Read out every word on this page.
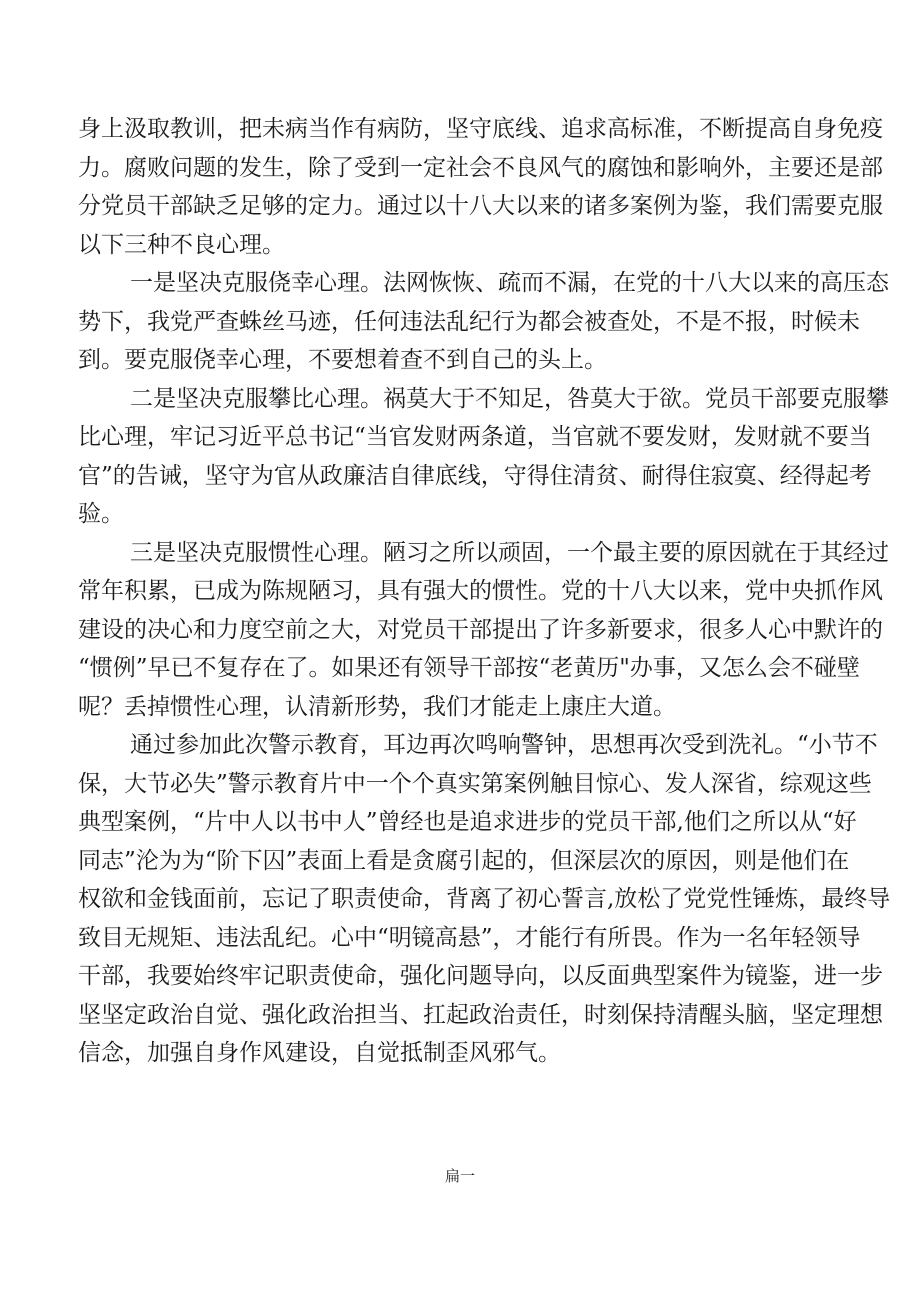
身上汲取教训，把未病当作有病防，坚守底线、追求高标准，不断提高自身免疫
力。腐败问题的发生，除了受到一定社会不良风气的腐蚀和影响外，主要还是部
分党员干部缺乏足够的定力。通过以十八大以来的诸多案例为鉴，我们需要克服
以下三种不良心理。
一是坚决克服侥幸心理。法网恢恢、疏而不漏，在党的十八大以来的高压态
势下，我党严查蛛丝马迹，任何违法乱纪行为都会被查处，不是不报，时候未
到。要克服侥幸心理，不要想着查不到自己的头上。
二是坚决克服攀比心理。祸莫大于不知足，咎莫大于欲。党员干部要克服攀
比心理，牢记习近平总书记“当官发财两条道，当官就不要发财，发财就不要当
官”的告诫，坚守为官从政廉洁自律底线，守得住清贫、耐得住寂寞、经得起考
验。
三是坚决克服惯性心理。陋习之所以顽固，一个最主要的原因就在于其经过
常年积累，已成为陈规陋习，具有强大的惯性。党的十八大以来，党中央抓作风
建设的决心和力度空前之大，对党员干部提出了许多新要求，很多人心中默许的
“惯例”早已不复存在了。如果还有领导干部按“老黄历"办事，又怎么会不碰壁
呢？丢掉惯性心理，认清新形势，我们才能走上康庄大道。
通过参加此次警示教育，耳边再次鸣响警钟，思想再次受到洗礼。“小节不
保，大节必失”警示教育片中一个个真实第案例触目惊心、发人深省，综观这些
典型案例，“片中人以书中人”曾经也是追求进步的党员干部,他们之所以从“好
同志”沦为为“阶下囚”表面上看是贪腐引起的，但深层次的原因，则是他们在
权欲和金钱面前，忘记了职责使命，背离了初心誓言,放松了党党性锤炼，最终导
致目无规矩、违法乱纪。心中“明镜高悬”，才能行有所畏。作为一名年轻领导
干部，我要始终牢记职责使命，强化问题导向，以反面典型案件为镜鉴，进一步
坚坚定政治自觉、强化政治担当、扛起政治责任，时刻保持清醒头脑，坚定理想
信念，加强自身作风建设，自觉抵制歪风邪气。
扁一
